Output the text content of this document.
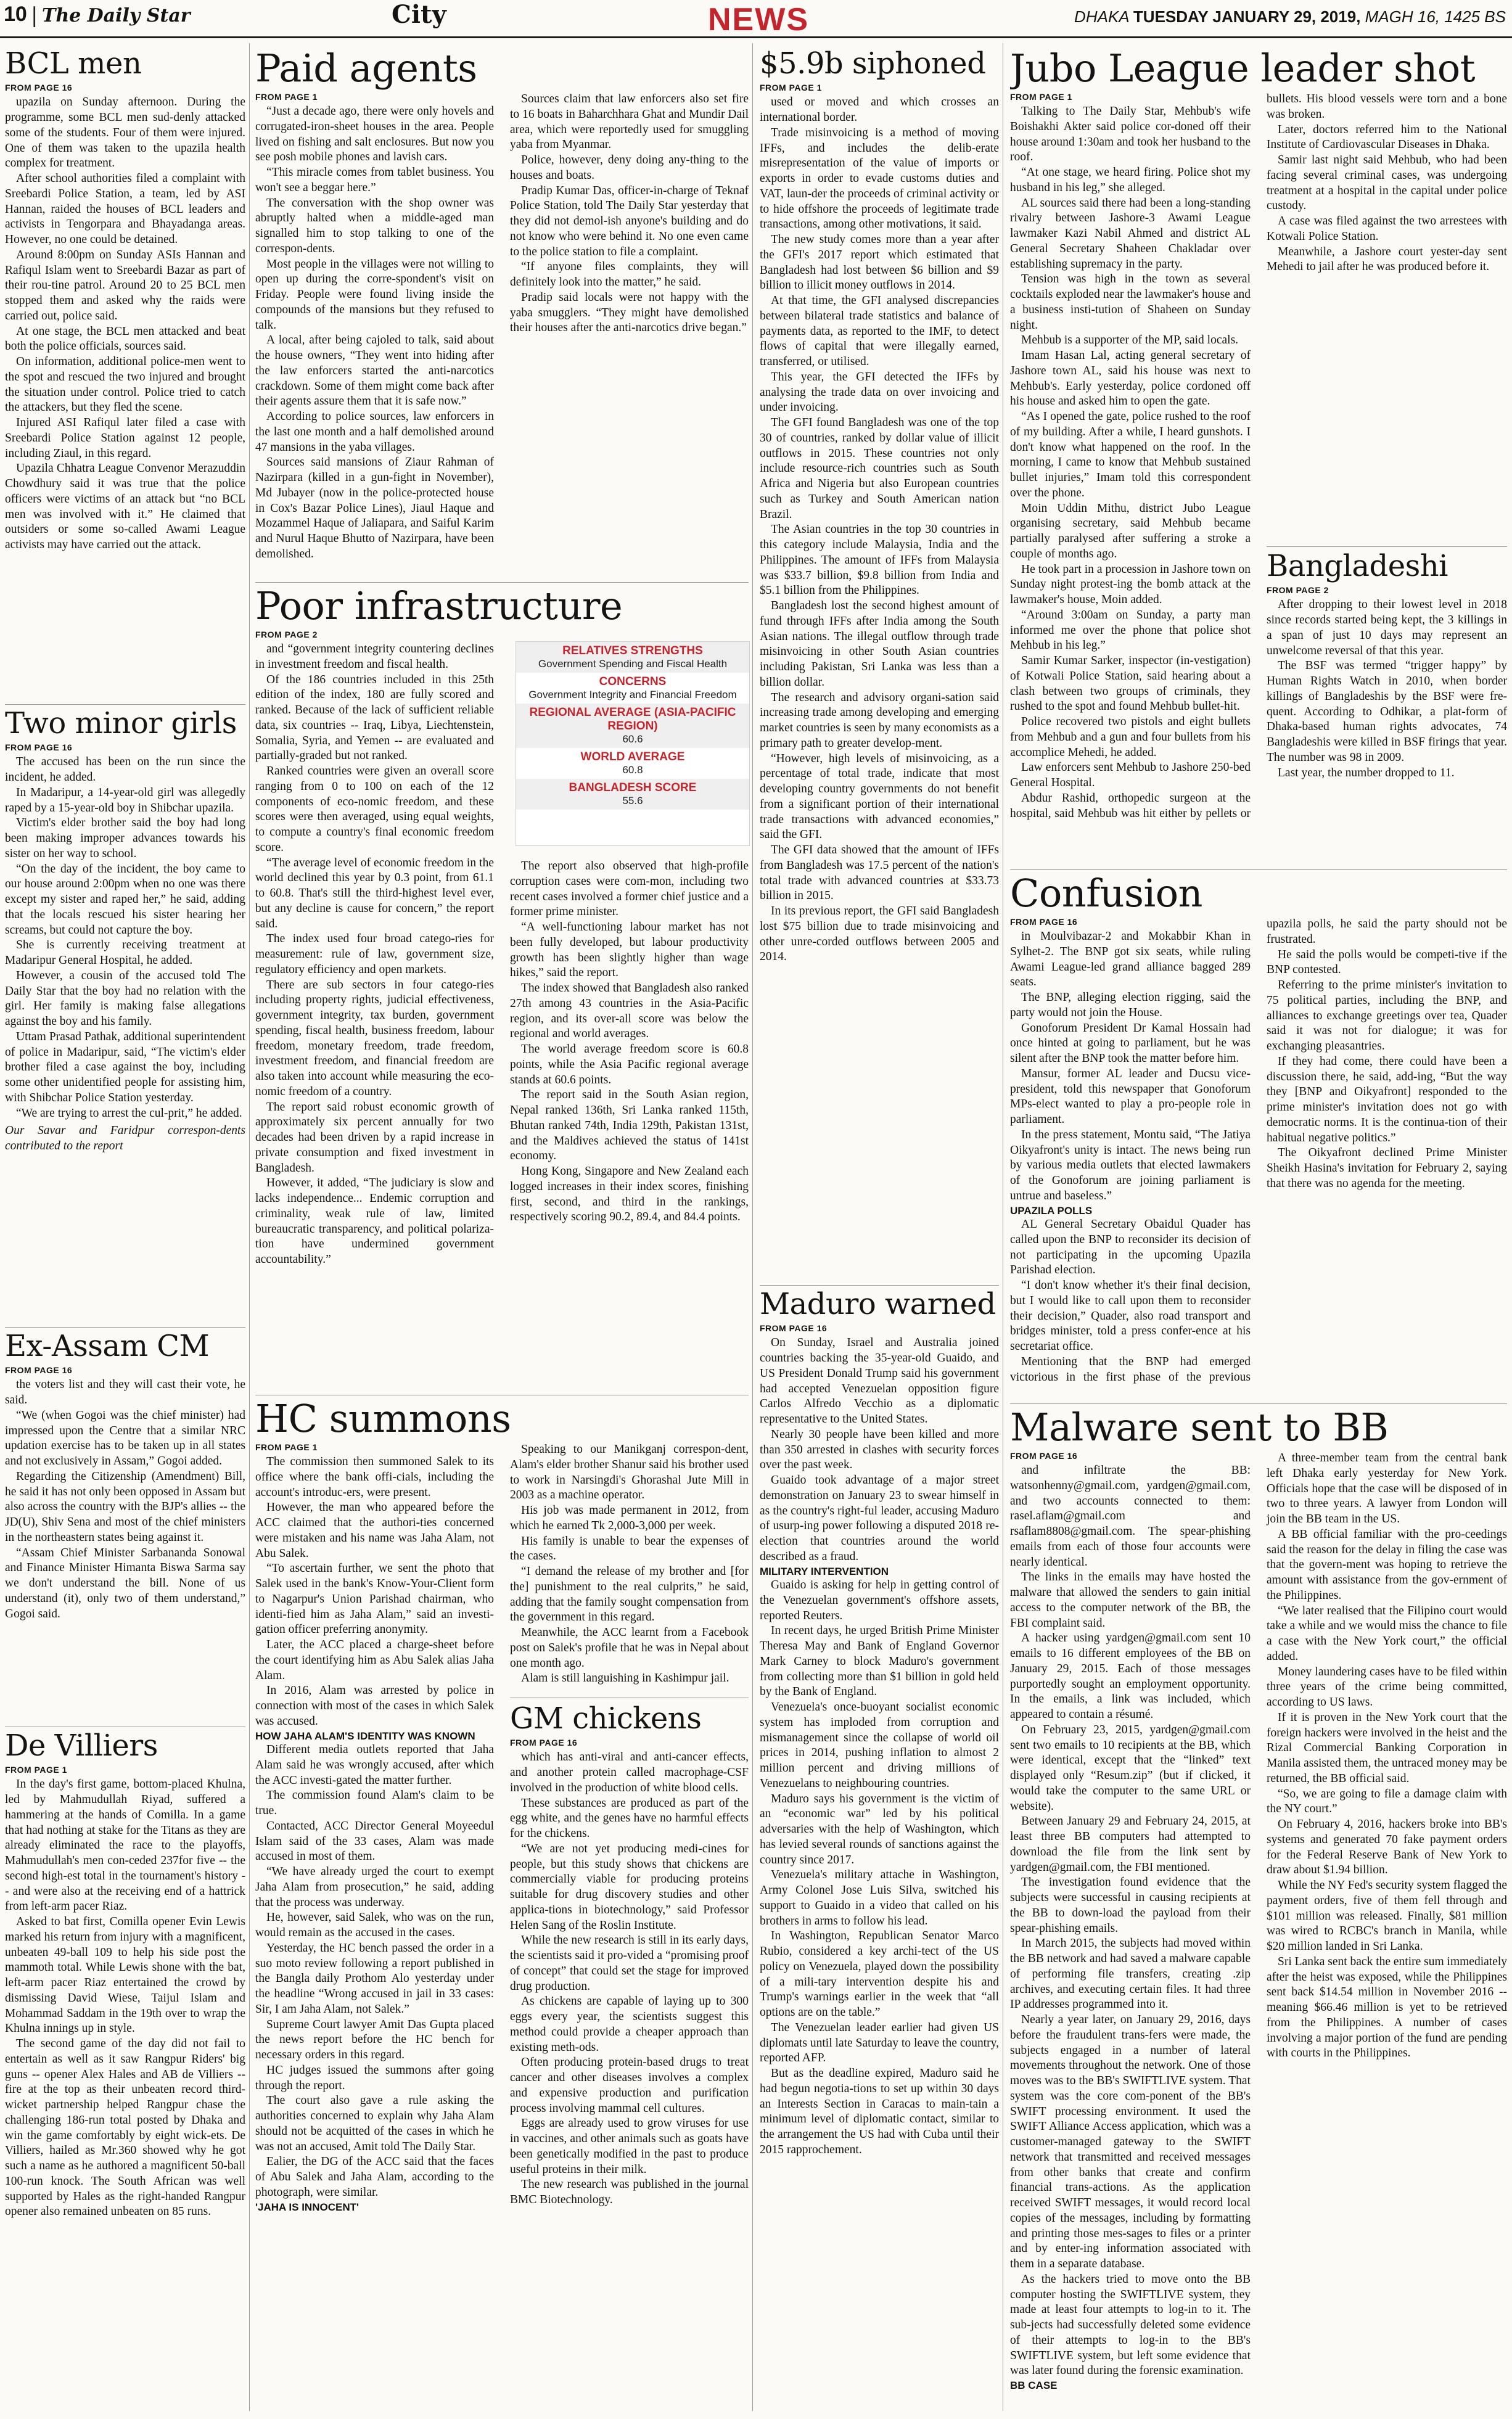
10 | The Daily Star	City	NEWS	DHAKA TUESDAY JANUARY 29, 2019, MAGH 16, 1425 BS
BCL men
FROM PAGE 16

upazila on Sunday afternoon. During the programme, some BCL men sud-denly attacked some of the students. Four of them were injured. One of them was taken to the upazila health complex for treatment.

After school authorities filed a complaint with Sreebardi Police Station, a team, led by ASI Hannan, raided the houses of BCL leaders and activists in Tengorpara and Bhayadanga areas. However, no one could be detained.

Around 8:00pm on Sunday ASIs Hannan and Rafiqul Islam went to Sreebardi Bazar as part of their rou-tine patrol. Around 20 to 25 BCL men stopped them and asked why the raids were carried out, police said.

At one stage, the BCL men attacked and beat both the police officials, sources said.

On information, additional police-men went to the spot and rescued the two injured and brought the situation under control. Police tried to catch the attackers, but they fled the scene.

Injured ASI Rafiqul later filed a case with Sreebardi Police Station against 12 people, including Ziaul, in this regard.

Upazila Chhatra League Convenor Merazuddin Chowdhury said it was true that the police officers were victims of an attack but “no BCL men was involved with it.” He claimed that outsiders or some so-called Awami League activists may have carried out the attack.

Two minor girls
FROM PAGE 16

The accused has been on the run since the incident, he added.

In Madaripur, a 14-year-old girl was allegedly raped by a 15-year-old boy in Shibchar upazila.

Victim's elder brother said the boy had long been making improper advances towards his sister on her way to school.

“On the day of the incident, the boy came to our house around 2:00pm when no one was there except my sister and raped her,” he said, adding that the locals rescued his sister hearing her screams, but could not capture the boy.

She is currently receiving treatment at Madaripur General Hospital, he added.

However, a cousin of the accused told The Daily Star that the boy had no relation with the girl. Her family is making false allegations against the boy and his family.

Uttam Prasad Pathak, additional superintendent of police in Madaripur, said, “The victim's elder brother filed a case against the boy, including some other unidentified people for assisting him, with Shibchar Police Station yesterday.

“We are trying to arrest the cul-prit,” he added.

Our Savar and Faridpur correspon-dents contributed to the report
Ex-Assam CM
FROM PAGE 16

the voters list and they will cast their vote, he said.

“We (when Gogoi was the chief minister) had impressed upon the Centre that a similar NRC updation exercise has to be taken up in all states and not exclusively in Assam,” Gogoi added.

Regarding the Citizenship (Amendment) Bill, he said it has not only been opposed in Assam but also across the country with the BJP's allies -- the JD(U), Shiv Sena and most of the chief ministers in the northeastern states being against it.

“Assam Chief Minister Sarbananda Sonowal and Finance Minister Himanta Biswa Sarma say we don't understand the bill. None of us understand (it), only two of them understand,” Gogoi said.

De Villiers
FROM PAGE 1

In the day's first game, bottom-placed Khulna, led by Mahmudullah Riyad, suffered a hammering at the hands of Comilla. In a game that had nothing at stake for the Titans as they are already eliminated the race to the playoffs, Mahmudullah's men con-ceded 237for five -- the second high-est total in the tournament's history -- and were also at the receiving end of a hattrick from left-arm pacer Riaz.

Asked to bat first, Comilla opener Evin Lewis marked his return from injury with a magnificent, unbeaten 49-ball 109 to help his side post the mammoth total. While Lewis shone with the bat, left-arm pacer Riaz entertained the crowd by dismissing David Wiese, Taijul Islam and Mohammad Saddam in the 19th over to wrap the Khulna innings up in style.

The second game of the day did not fail to entertain as well as it saw Rangpur Riders' big guns -- opener Alex Hales and AB de Villiers -- fire at the top as their unbeaten record third-wicket partnership helped Rangpur chase the challenging 186-run total posted by Dhaka and win the game comfortably by eight wick-ets. De Villiers, hailed as Mr.360 showed why he got such a name as he authored a magnificent 50-ball 100-run knock. The South African was well supported by Hales as the right-handed Rangpur opener also remained unbeaten on 85 runs.

Paid agents
FROM PAGE 1

“Just a decade ago, there were only hovels and corrugated-iron-sheet houses in the area. People lived on fishing and salt enclosures. But now you see posh mobile phones and lavish cars.

“This miracle comes from tablet business. You won't see a beggar here.”

The conversation with the shop owner was abruptly halted when a middle-aged man signalled him to stop talking to one of the correspon-dents.

Most people in the villages were not willing to open up during the corre-spondent's visit on Friday. People were found living inside the compounds of the mansions but they refused to talk.

A local, after being cajoled to talk, said about the house owners, “They went into hiding after the law enforcers started the anti-narcotics crackdown. Some of them might come back after their agents assure them that it is safe now.”

According to police sources, law enforcers in the last one month and a half demolished around 47 mansions in the yaba villages.

Sources said mansions of Ziaur Rahman of Nazirpara (killed in a gun-fight in November), Md Jubayer (now in the police-protected house in Cox's Bazar Police Lines), Jiaul Haque and Mozammel Haque of Jaliapara, and Saiful Karim and Nurul Haque Bhutto of Nazirpara, have been demolished.

Sources claim that law enforcers also set fire to 16 boats in Baharchhara Ghat and Mundir Dail area, which were reportedly used for smuggling yaba from Myanmar.

Police, however, deny doing any-thing to the houses and boats.

Pradip Kumar Das, officer-in-charge of Teknaf Police Station, told The Daily Star yesterday that they did not demol-ish anyone's building and do not know who were behind it. No one even came to the police station to file a complaint.

“If anyone files complaints, they will definitely look into the matter,” he said.

Pradip said locals were not happy with the yaba smugglers. “They might have demolished their houses after the anti-narcotics drive began.”

Poor infrastructure
FROM PAGE 2

and “government integrity countering declines in investment freedom and fiscal health.

Of the 186 countries included in this 25th edition of the index, 180 are fully scored and ranked. Because of the lack of sufficient reliable data, six countries -- Iraq, Libya, Liechtenstein, Somalia, Syria, and Yemen -- are evaluated and partially-graded but not ranked.

Ranked countries were given an overall score ranging from 0 to 100 on each of the 12 components of eco-nomic freedom, and these scores were then averaged, using equal weights, to compute a country's final economic freedom score.

“The average level of economic freedom in the world declined this year by 0.3 point, from 61.1 to 60.8. That's still the third-highest level ever, but any decline is cause for concern,” the report said.

The index used four broad catego-ries for measurement: rule of law, government size, regulatory efficiency and open markets.

There are sub sectors in four catego-ries including property rights, judicial effectiveness, government integrity, tax burden, government spending, fiscal health, business freedom, labour freedom, monetary freedom, trade freedom, investment freedom, and financial freedom are also taken into account while measuring the eco-nomic freedom of a country.

The report said robust economic growth of approximately six percent annually for two decades had been driven by a rapid increase in private consumption and fixed investment in Bangladesh.

However, it added, “The judiciary is slow and lacks independence... Endemic corruption and criminality, weak rule of law, limited bureaucratic transparency, and political polariza-tion have undermined government accountability.”

The report also observed that high-profile corruption cases were com-mon, including two recent cases involved a former chief justice and a former prime minister.

“A well-functioning labour market has not been fully developed, but labour productivity growth has been slightly higher than wage hikes,” said the report.

The index showed that Bangladesh also ranked 27th among 43 countries in the Asia-Pacific region, and its over-all score was below the regional and world averages.

The world average freedom score is 60.8 points, while the Asia Pacific regional average stands at 60.6 points.

The report said in the South Asian region, Nepal ranked 136th, Sri Lanka ranked 115th, Bhutan ranked 74th, India 129th, Pakistan 131st, and the Maldives achieved the status of 141st economy.

Hong Kong, Singapore and New Zealand each logged increases in their index scores, finishing first, second, and third in the rankings, respectively scoring 90.2, 89.4, and 84.4 points.

RELATIVES STRENGTHS
Government Spending and Fiscal Health
CONCERNS
Government Integrity and Financial Freedom
REGIONAL AVERAGE (ASIA-PACIFIC REGION)
60.6
WORLD AVERAGE
60.8
BANGLADESH SCORE
55.6
HC summons
FROM PAGE 1

The commission then summoned Salek to its office where the bank offi-cials, including the account's introduc-ers, were present.

However, the man who appeared before the ACC claimed that the authori-ties concerned were mistaken and his name was Jaha Alam, not Abu Salek.

“To ascertain further, we sent the photo that Salek used in the bank's Know-Your-Client form to Nagarpur's Union Parishad chairman, who identi-fied him as Jaha Alam,” said an investi-gation officer preferring anonymity.

Later, the ACC placed a charge-sheet before the court identifying him as Abu Salek alias Jaha Alam.

In 2016, Alam was arrested by police in connection with most of the cases in which Salek was accused.

HOW JAHA ALAM'S IDENTITY WAS KNOWN

Different media outlets reported that Jaha Alam said he was wrongly accused, after which the ACC investi-gated the matter further.

The commission found Alam's claim to be true.

Contacted, ACC Director General Moyeedul Islam said of the 33 cases, Alam was made accused in most of them.

“We have already urged the court to exempt Jaha Alam from prosecution,” he said, adding that the process was underway.

He, however, said Salek, who was on the run, would remain as the accused in the cases.

Yesterday, the HC bench passed the order in a suo moto review following a report published in the Bangla daily Prothom Alo yesterday under the headline “Wrong accused in jail in 33 cases: Sir, I am Jaha Alam, not Salek.”

Supreme Court lawyer Amit Das Gupta placed the news report before the HC bench for necessary orders in this regard.

HC judges issued the summons after going through the report.

The court also gave a rule asking the authorities concerned to explain why Jaha Alam should not be acquitted of the cases in which he was not an accused, Amit told The Daily Star.

Ealier, the DG of the ACC said that the faces of Abu Salek and Jaha Alam, according to the photograph, were similar.

'JAHA IS INNOCENT'

Speaking to our Manikganj correspon-dent, Alam's elder brother Shanur said his brother used to work in Narsingdi's Ghorashal Jute Mill in 2003 as a machine operator.

His job was made permanent in 2012, from which he earned Tk 2,000-3,000 per week.

His family is unable to bear the expenses of the cases.

“I demand the release of my brother and [for the] punishment to the real culprits,” he said, adding that the family sought compensation from the government in this regard.

Meanwhile, the ACC learnt from a Facebook post on Salek's profile that he was in Nepal about one month ago.

Alam is still languishing in Kashimpur jail.

GM chickens
FROM PAGE 16

which has anti-viral and anti-cancer effects, and another protein called macrophage-CSF involved in the production of white blood cells.

These substances are produced as part of the egg white, and the genes have no harmful effects for the chickens.

“We are not yet producing medi-cines for people, but this study shows that chickens are commercially viable for producing proteins suitable for drug discovery studies and other applica-tions in biotechnology,” said Professor Helen Sang of the Roslin Institute.

While the new research is still in its early days, the scientists said it pro-vided a “promising proof of concept” that could set the stage for improved drug production.

As chickens are capable of laying up to 300 eggs every year, the scientists suggest this method could provide a cheaper approach than existing meth-ods.

Often producing protein-based drugs to treat cancer and other diseases involves a complex and expensive production and purification process involving mammal cell cultures.

Eggs are already used to grow viruses for use in vaccines, and other animals such as goats have been genetically modified in the past to produce useful proteins in their milk.

The new research was published in the journal BMC Biotechnology.

$5.9b siphoned
FROM PAGE 1

used or moved and which crosses an international border.

Trade misinvoicing is a method of moving IFFs, and includes the delib-erate misrepresentation of the value of imports or exports in order to evade customs duties and VAT, laun-der the proceeds of criminal activity or to hide offshore the proceeds of legitimate trade transactions, among other motivations, it said.

The new study comes more than a year after the GFI's 2017 report which estimated that Bangladesh had lost between $6 billion and $9 billion to illicit money outflows in 2014.

At that time, the GFI analysed discrepancies between bilateral trade statistics and balance of payments data, as reported to the IMF, to detect flows of capital that were illegally earned, transferred, or utilised.

This year, the GFI detected the IFFs by analysing the trade data on over invoicing and under invoicing.

The GFI found Bangladesh was one of the top 30 of countries, ranked by dollar value of illicit outflows in 2015. These countries not only include resource-rich countries such as South Africa and Nigeria but also European countries such as Turkey and South American nation Brazil.

The Asian countries in the top 30 countries in this category include Malaysia, India and the Philippines. The amount of IFFs from Malaysia was $33.7 billion, $9.8 billion from India and $5.1 billion from the Philippines.

Bangladesh lost the second highest amount of fund through IFFs after India among the South Asian nations. The illegal outflow through trade misinvoicing in other South Asian countries including Pakistan, Sri Lanka was less than a billion dollar.

The research and advisory organi-sation said increasing trade among developing and emerging market countries is seen by many economists as a primary path to greater develop-ment.

“However, high levels of misinvoicing, as a percentage of total trade, indicate that most developing country governments do not benefit from a significant portion of their international trade transactions with advanced economies,” said the GFI.

The GFI data showed that the amount of IFFs from Bangladesh was 17.5 percent of the nation's total trade with advanced countries at $33.73 billion in 2015.

In its previous report, the GFI said Bangladesh lost $75 billion due to trade misinvoicing and other unre-corded outflows between 2005 and 2014.

Maduro warned
FROM PAGE 16

On Sunday, Israel and Australia joined countries backing the 35-year-old Guaido, and US President Donald Trump said his government had accepted Venezuelan opposition figure Carlos Alfredo Vecchio as a diplomatic representative to the United States.

Nearly 30 people have been killed and more than 350 arrested in clashes with security forces over the past week.

Guaido took advantage of a major street demonstration on January 23 to swear himself in as the country's right-ful leader, accusing Maduro of usurp-ing power following a disputed 2018 re-election that countries around the world described as a fraud.

MILITARY INTERVENTION

Guaido is asking for help in getting control of the Venezuelan government's offshore assets, reported Reuters.

In recent days, he urged British Prime Minister Theresa May and Bank of England Governor Mark Carney to block Maduro's government from collecting more than $1 billion in gold held by the Bank of England.

Venezuela's once-buoyant socialist economic system has imploded from corruption and mismanagement since the collapse of world oil prices in 2014, pushing inflation to almost 2 million percent and driving millions of Venezuelans to neighbouring countries.

Maduro says his government is the victim of an “economic war” led by his political adversaries with the help of Washington, which has levied several rounds of sanctions against the country since 2017.

Venezuela's military attache in Washington, Army Colonel Jose Luis Silva, switched his support to Guaido in a video that called on his brothers in arms to follow his lead.

In Washington, Republican Senator Marco Rubio, considered a key archi-tect of the US policy on Venezuela, played down the possibility of a mili-tary intervention despite his and Trump's warnings earlier in the week that “all options are on the table.”

The Venezuelan leader earlier had given US diplomats until late Saturday to leave the country, reported AFP.

But as the deadline expired, Maduro said he had begun negotia-tions to set up within 30 days an Interests Section in Caracas to main-tain a minimum level of diplomatic contact, similar to the arrangement the US had with Cuba until their 2015 rapprochement.

Jubo League leader shot
FROM PAGE 1

Talking to The Daily Star, Mehbub's wife Boishakhi Akter said police cor-doned off their house around 1:30am and took her husband to the roof.

“At one stage, we heard firing. Police shot my husband in his leg,” she alleged.

AL sources said there had been a long-standing rivalry between Jashore-3 Awami League lawmaker Kazi Nabil Ahmed and district AL General Secretary Shaheen Chakladar over establishing supremacy in the party.

Tension was high in the town as several cocktails exploded near the lawmaker's house and a business insti-tution of Shaheen on Sunday night.

Mehbub is a supporter of the MP, said locals.

Imam Hasan Lal, acting general secretary of Jashore town AL, said his house was next to Mehbub's. Early yesterday, police cordoned off his house and asked him to open the gate.

“As I opened the gate, police rushed to the roof of my building. After a while, I heard gunshots. I don't know what happened on the roof. In the morning, I came to know that Mehbub sustained bullet injuries,” Imam told this correspondent over the phone.

Moin Uddin Mithu, district Jubo League organising secretary, said Mehbub became partially paralysed after suffering a stroke a couple of months ago.

He took part in a procession in Jashore town on Sunday night protest-ing the bomb attack at the lawmaker's house, Moin added.

“Around 3:00am on Sunday, a party man informed me over the phone that police shot Mehbub in his leg.”

Samir Kumar Sarker, inspector (in-vestigation) of Kotwali Police Station, said hearing about a clash between two groups of criminals, they rushed to the spot and found Mehbub bullet-hit.

Police recovered two pistols and eight bullets from Mehbub and a gun and four bullets from his accomplice Mehedi, he added.

Law enforcers sent Mehbub to Jashore 250-bed General Hospital.

Abdur Rashid, orthopedic surgeon at the hospital, said Mehbub was hit either by pellets or bullets. His blood vessels were torn and a bone was broken.

Later, doctors referred him to the National Institute of Cardiovascular Diseases in Dhaka.

Samir last night said Mehbub, who had been facing several criminal cases, was undergoing treatment at a hospital in the capital under police custody.

A case was filed against the two arrestees with Kotwali Police Station.

Meanwhile, a Jashore court yester-day sent Mehedi to jail after he was produced before it.

Bangladeshi
FROM PAGE 2

After dropping to their lowest level in 2018 since records started being kept, the 3 killings in a span of just 10 days may represent an unwelcome reversal of that this year.

The BSF was termed “trigger happy” by Human Rights Watch in 2010, when border killings of Bangladeshis by the BSF were fre-quent. According to Odhikar, a plat-form of Dhaka-based human rights advocates, 74 Bangladeshis were killed in BSF firings that year. The number was 98 in 2009.

Last year, the number dropped to 11.

Confusion
FROM PAGE 16

in Moulvibazar-2 and Mokabbir Khan in Sylhet-2. The BNP got six seats, while ruling Awami League-led grand alliance bagged 289 seats.

The BNP, alleging election rigging, said the party would not join the House.

Gonoforum President Dr Kamal Hossain had once hinted at going to parliament, but he was silent after the BNP took the matter before him.

Mansur, former AL leader and Ducsu vice-president, told this newspaper that Gonoforum MPs-elect wanted to play a pro-people role in parliament.

In the press statement, Montu said, “The Jatiya Oikyafront's unity is intact. The news being run by various media outlets that elected lawmakers of the Gonoforum are joining parliament is untrue and baseless.”

UPAZILA POLLS

AL General Secretary Obaidul Quader has called upon the BNP to reconsider its decision of not participating in the upcoming Upazila Parishad election.

“I don't know whether it's their final decision, but I would like to call upon them to reconsider their decision,” Quader, also road transport and bridges minister, told a press confer-ence at his secretariat office.

Mentioning that the BNP had emerged victorious in the first phase of the previous upazila polls, he said the party should not be frustrated.

He said the polls would be competi-tive if the BNP contested.

Referring to the prime minister's invitation to 75 political parties, including the BNP, and alliances to exchange greetings over tea, Quader said it was not for dialogue; it was for exchanging pleasantries.

If they had come, there could have been a discussion there, he said, add-ing, “But the way they [BNP and Oikyafront] responded to the prime minister's invitation does not go with democratic norms. It is the continua-tion of their habitual negative politics.”

The Oikyafront declined Prime Minister Sheikh Hasina's invitation for February 2, saying that there was no agenda for the meeting.

Malware sent to BB
FROM PAGE 16

and infiltrate the BB: watsonhenny@gmail.com, yardgen@gmail.com, and two accounts connected to them: rasel.aflam@gmail.com and rsaflam8808@gmail.com. The spear-phishing emails from each of those four accounts were nearly identical.

The links in the emails may have hosted the malware that allowed the senders to gain initial access to the computer network of the BB, the FBI complaint said.

A hacker using yardgen@gmail.com sent 10 emails to 16 different employees of the BB on January 29, 2015. Each of those messages purportedly sought an employment opportunity. In the emails, a link was included, which appeared to contain a résumé.

On February 23, 2015, yardgen@gmail.com sent two emails to 10 recipients at the BB, which were identical, except that the “linked” text displayed only “Resum.zip” (but if clicked, it would take the computer to the same URL or website).

Between January 29 and February 24, 2015, at least three BB computers had attempted to download the file from the link sent by yardgen@gmail.com, the FBI mentioned.

The investigation found evidence that the subjects were successful in causing recipients at the BB to down-load the payload from their spear-phishing emails.

In March 2015, the subjects had moved within the BB network and had saved a malware capable of performing file transfers, creating .zip archives, and executing certain files. It had three IP addresses programmed into it.

Nearly a year later, on January 29, 2016, days before the fraudulent trans-fers were made, the subjects engaged in a number of lateral movements throughout the network. One of those moves was to the BB's SWIFTLIVE system. That system was the core com-ponent of the BB's SWIFT processing environment. It used the SWIFT Alliance Access application, which was a customer-managed gateway to the SWIFT network that transmitted and received messages from other banks that create and confirm financial trans-actions. As the application received SWIFT messages, it would record local copies of the messages, including by formatting and printing those mes-sages to files or a printer and by enter-ing information associated with them in a separate database.

As the hackers tried to move onto the BB computer hosting the SWIFTLIVE system, they made at least four attempts to log-in to it. The sub-jects had successfully deleted some evidence of their attempts to log-in to the BB's SWIFTLIVE system, but left some evidence that was later found during the forensic examination.

BB CASE

A three-member team from the central bank left Dhaka early yesterday for New York. Officials hope that the case will be disposed of in two to three years. A lawyer from London will join the BB team in the US.

A BB official familiar with the pro-ceedings said the reason for the delay in filing the case was that the govern-ment was hoping to retrieve the amount with assistance from the gov-ernment of the Philippines.

“We later realised that the Filipino court would take a while and we would miss the chance to file a case with the New York court,” the official added.

Money laundering cases have to be filed within three years of the crime being committed, according to US laws.

If it is proven in the New York court that the foreign hackers were involved in the heist and the Rizal Commercial Banking Corporation in Manila assisted them, the untraced money may be returned, the BB official said.

“So, we are going to file a damage claim with the NY court.”

On February 4, 2016, hackers broke into BB's systems and generated 70 fake payment orders for the Federal Reserve Bank of New York to draw about $1.94 billion.

While the NY Fed's security system flagged the payment orders, five of them fell through and $101 million was released. Finally, $81 million was wired to RCBC's branch in Manila, while $20 million landed in Sri Lanka.

Sri Lanka sent back the entire sum immediately after the heist was exposed, while the Philippines sent back $14.54 million in November 2016 -- meaning $66.46 million is yet to be retrieved from the Philippines. A number of cases involving a major portion of the fund are pending with courts in the Philippines.
